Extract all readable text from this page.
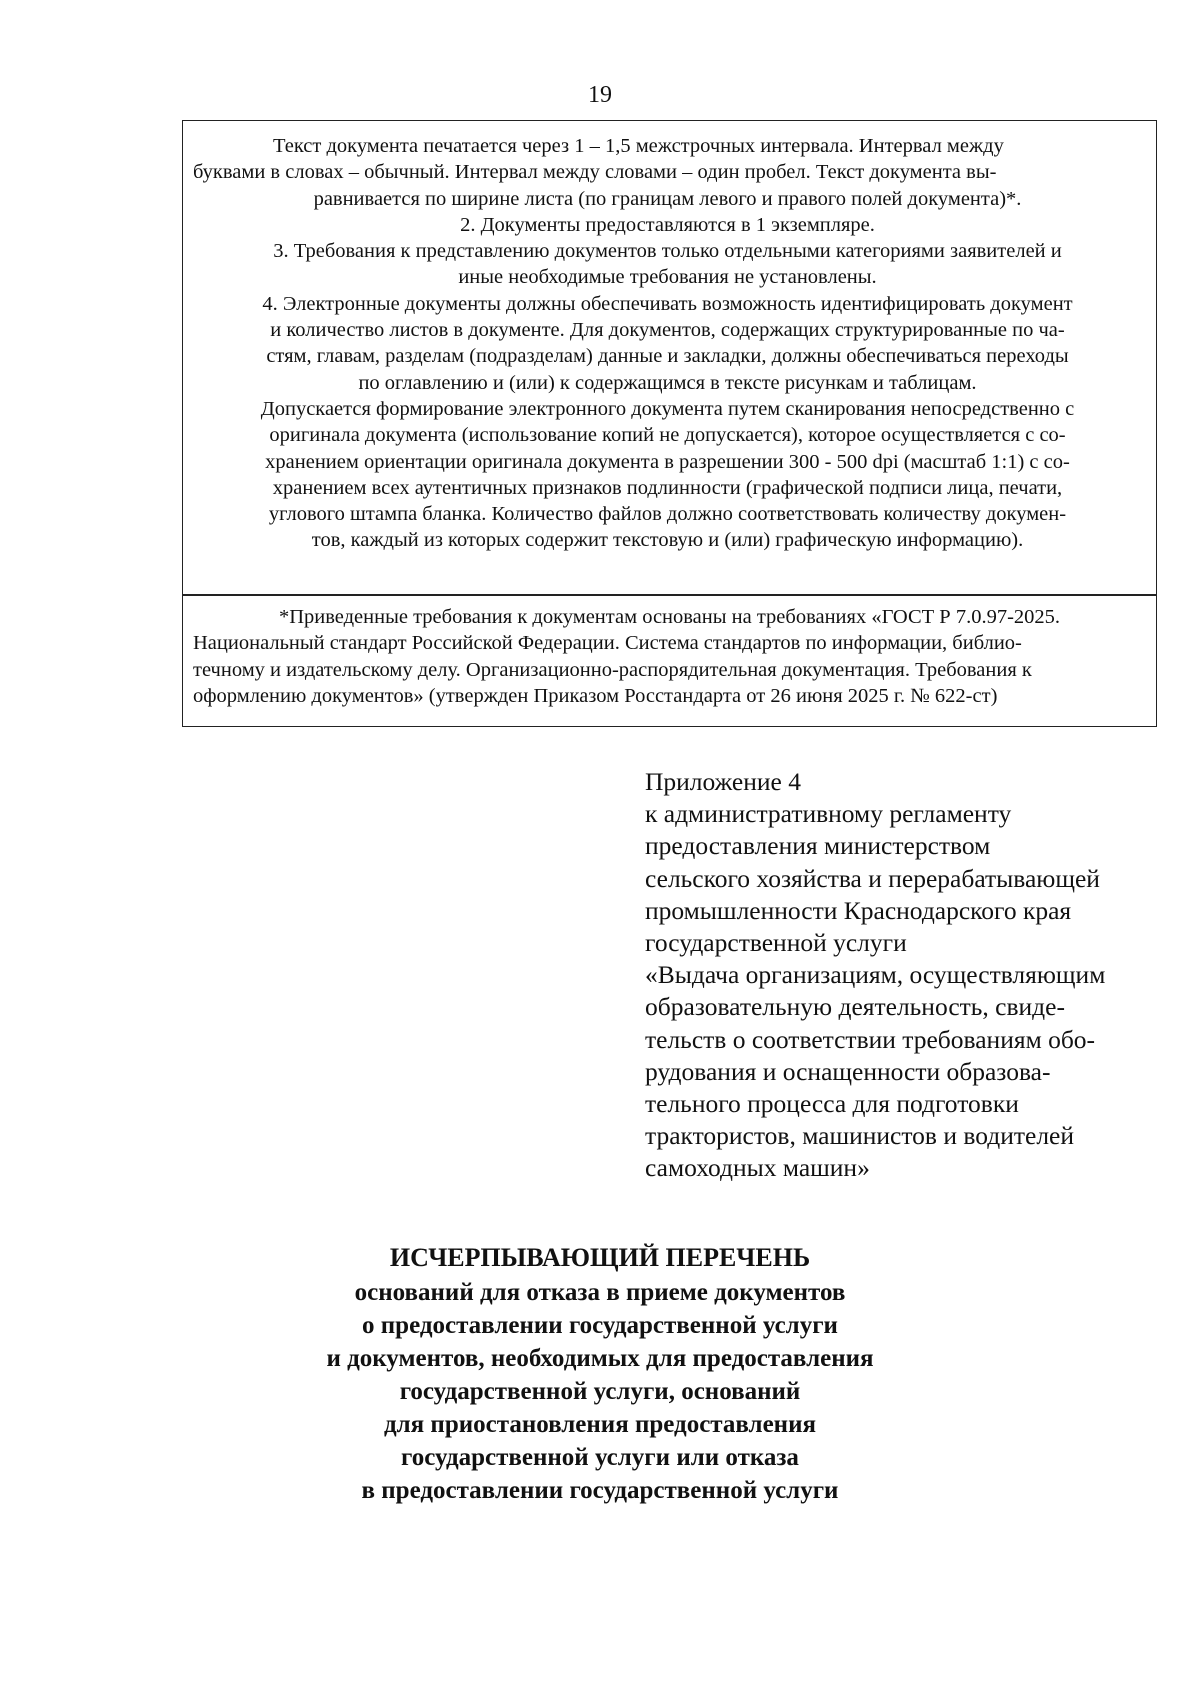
19

Текст документа печатается через 1 – 1,5 межстрочных интервала. Интервал между

буквами в словах – обычный. Интервал между словами – один пробел. Текст документа вы-

равнивается по ширине листа (по границам левого и правого полей документа)*.

2. Документы предоставляются в 1 экземпляре.

3. Требования к представлению документов только отдельными категориями заявителей и

иные необходимые требования не установлены.

4. Электронные документы должны обеспечивать возможность идентифицировать документ

и количество листов в документе. Для документов, содержащих структурированные по ча-

стям, главам, разделам (подразделам) данные и закладки, должны обеспечиваться переходы

по оглавлению и (или) к содержащимся в тексте рисункам и таблицам.

Допускается формирование электронного документа путем сканирования непосредственно с

оригинала документа (использование копий не допускается), которое осуществляется с со-

хранением ориентации оригинала документа в разрешении 300 - 500 dpi (масштаб 1:1) с со-

хранением всех аутентичных признаков подлинности (графической подписи лица, печати,

углового штампа бланка. Количество файлов должно соответствовать количеству докумен-

тов, каждый из которых содержит текстовую и (или) графическую информацию).

*Приведенные требования к документам основаны на требованиях «ГОСТ Р 7.0.97-2025.

Национальный стандарт Российской Федерации. Система стандартов по информации, библио-

течному и издательскому делу. Организационно-распорядительная документация. Требования к

оформлению документов» (утвержден Приказом Росстандарта от 26 июня 2025 г. № 622-ст)

Приложение 4
к административному регламенту
предоставления министерством
сельского хозяйства и перерабатывающей
промышленности Краснодарского края
государственной услуги
«Выдача организациям, осуществляющим
образовательную деятельность, свиде-
тельств о соответствии требованиям обо-
рудования и оснащенности образова-
тельного процесса для подготовки
трактористов, машинистов и водителей
самоходных машин»
ИСЧЕРПЫВАЮЩИЙ ПЕРЕЧЕНЬ
оснований для отказа в приеме документов
о предоставлении государственной услуги
и документов, необходимых для предоставления
государственной услуги, оснований
для приостановления предоставления
государственной услуги или отказа
в предоставлении государственной услуги
